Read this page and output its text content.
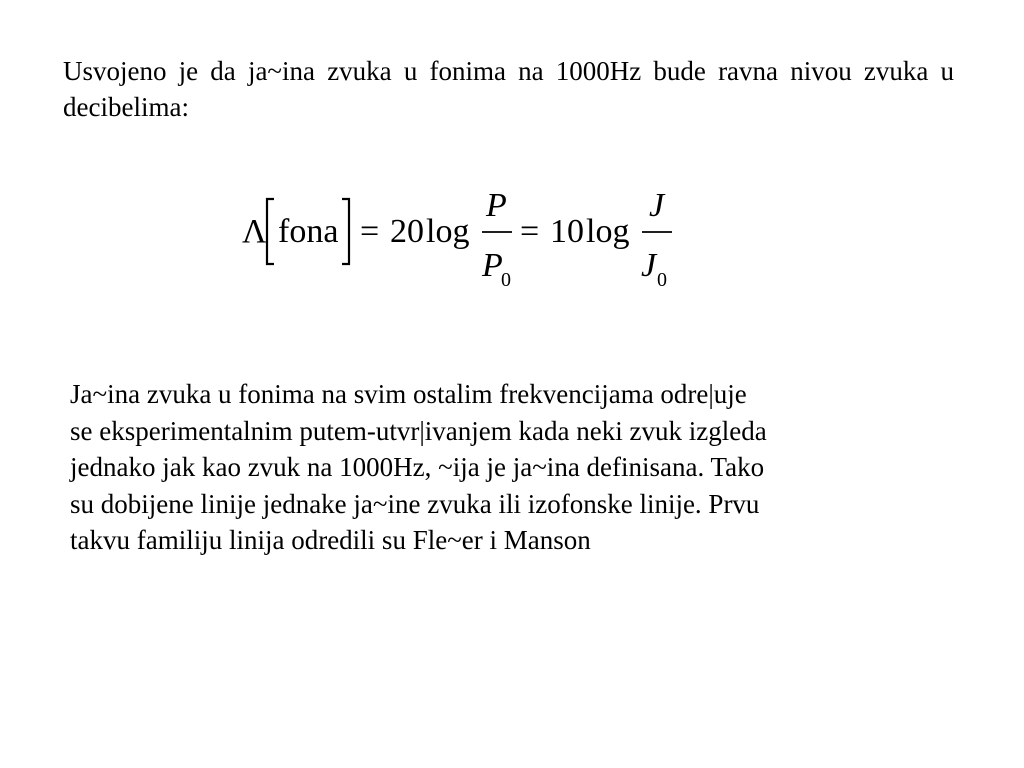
Usvojeno je da ja~ina zvuka u fonima na 1000Hz bude ravna nivou zvuka u decibelima:
Λ fona = 20 log
P
P
0
= 10 log
J
J 0
Ja~ina zvuka u fonima na svim ostalim frekvencijama odre|uje
se eksperimentalnim putem-utvr|ivanjem kada neki zvuk izgleda
jednako jak kao zvuk na 1000Hz, ~ija je ja~ina definisana. Tako
su dobijene linije jednake ja~ine zvuka ili izofonske linije. Prvu
takvu familiju linija odredili su Fle~er i Manson
